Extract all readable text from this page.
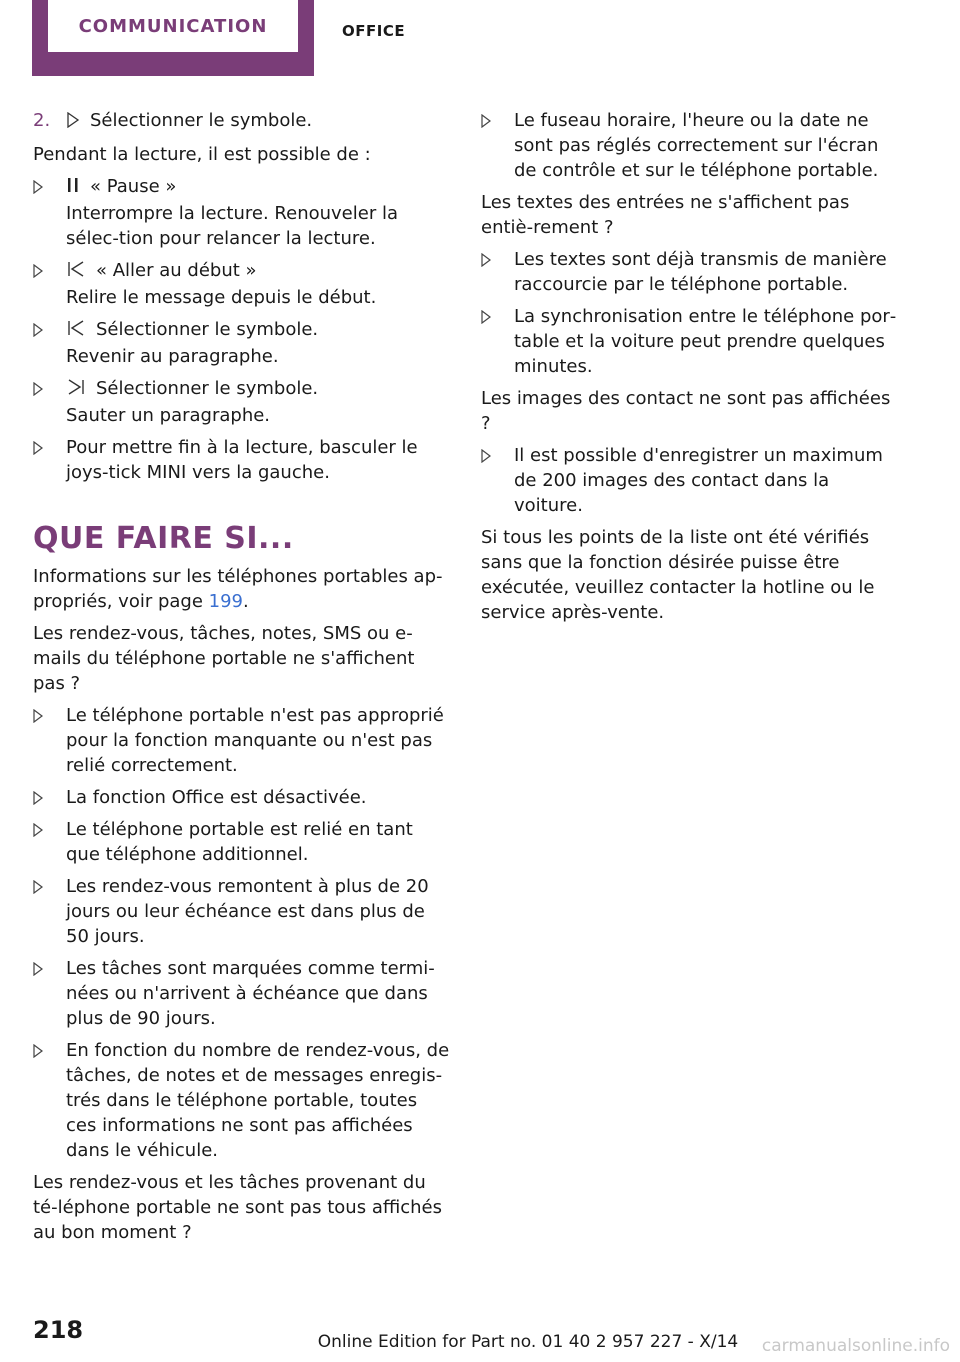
COMMUNICATION	OFFICE
2. Sélectionner le symbole.

Pendant la lecture, il est possible de :

« Pause »
Interrompre la lecture. Renouveler la sélec‐tion pour relancer la lecture.
« Aller au début »
Relire le message depuis le début.
Sélectionner le symbole.
Revenir au paragraphe.
Sélectionner le symbole.
Sauter un paragraphe.
Pour mettre fin à la lecture, basculer le joys‐tick MINI vers la gauche.
QUE FAIRE SI...

Informations sur les téléphones portables ap‐propriés, voir page 199.

Les rendez-vous, tâches, notes, SMS ou e-mails du téléphone portable ne s'affichent pas ?

Le téléphone portable n'est pas approprié pour la fonction manquante ou n'est pas relié correctement.
La fonction Office est désactivée.
Le téléphone portable est relié en tant que téléphone additionnel.
Les rendez-vous remontent à plus de 20 jours ou leur échéance est dans plus de 50 jours.
Les tâches sont marquées comme termi‐nées ou n'arrivent à échéance que dans plus de 90 jours.
En fonction du nombre de rendez-vous, de tâches, de notes et de messages enregis‐trés dans le téléphone portable, toutes ces informations ne sont pas affichées dans le véhicule.

Les rendez-vous et les tâches provenant du té‐léphone portable ne sont pas tous affichés au bon moment ?

Le fuseau horaire, l'heure ou la date ne sont pas réglés correctement sur l'écran de contrôle et sur le téléphone portable.

Les textes des entrées ne s'affichent pas entiè‐rement ?

Les textes sont déjà transmis de manière raccourcie par le téléphone portable.
La synchronisation entre le téléphone por‐table et la voiture peut prendre quelques minutes.

Les images des contact ne sont pas affichées ?

Il est possible d'enregistrer un maximum de 200 images des contact dans la voiture.

Si tous les points de la liste ont été vérifiés sans que la fonction désirée puisse être exécutée, veuillez contacter la hotline ou le service après-vente.

218	Online Edition for Part no. 01 40 2 957 227 - X/14	carmanualsonline.info
